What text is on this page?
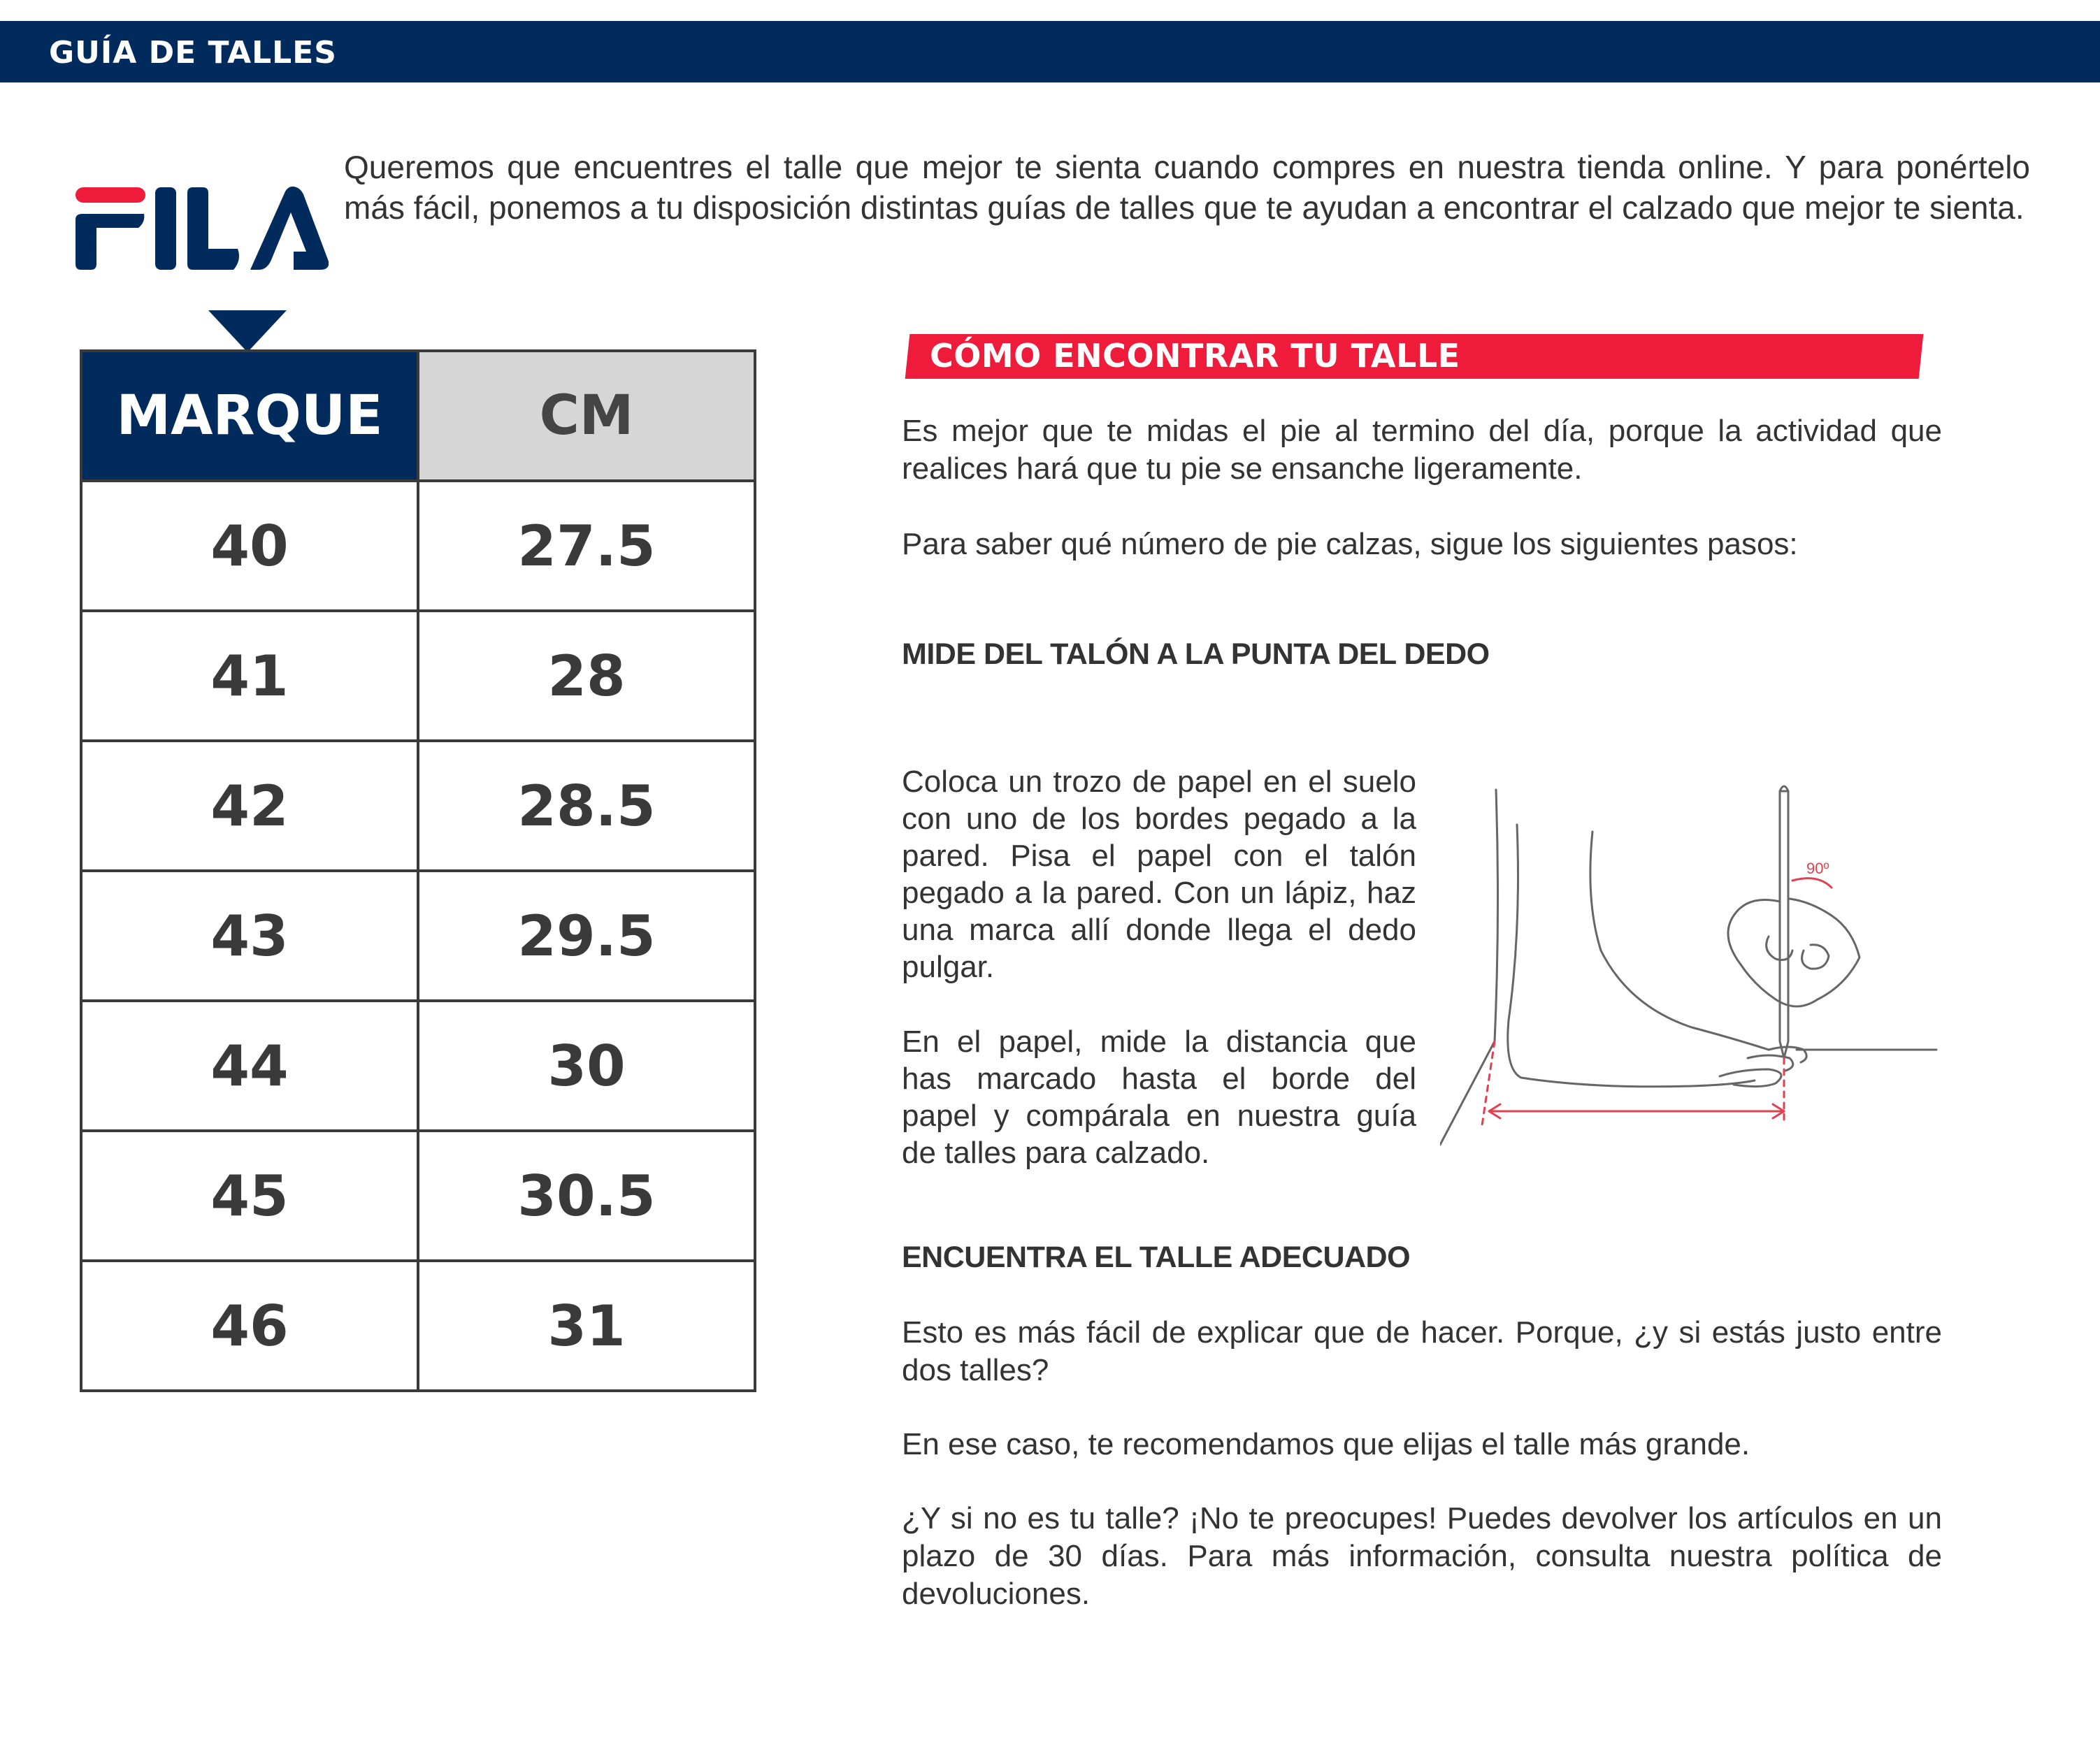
GUÍA DE TALLES
Queremos que encuentres el talle que mejor te sienta cuando compres en nuestra tienda online. Y para ponértelo más fácil, ponemos a tu disposición distintas guías de talles que te ayudan a encontrar el calzado que mejor te sienta.
MARQUE	CM
40	27.5
41	28
42	28.5
43	29.5
44	30
45	30.5
46	31
CÓMO ENCONTRAR TU TALLE
Es mejor que te midas el pie al termino del día, porque la actividad que realices hará que tu pie se ensanche ligeramente.
Para saber qué número de pie calzas, sigue los siguientes pasos:
MIDE DEL TALÓN A LA PUNTA DEL DEDO
Coloca un trozo de papel en el suelo con uno de los bordes pegado a la pared. Pisa el papel con el talón pegado a la pared. Con un lápiz, haz una marca allí donde llega el dedo pulgar.
En el papel, mide la distancia que has marcado hasta el borde del papel y compárala en nuestra guía de talles para calzado.
90º
ENCUENTRA EL TALLE ADECUADO
Esto es más fácil de explicar que de hacer. Porque, ¿y si estás justo entre dos talles?
En ese caso, te recomendamos que elijas el talle más grande.
¿Y si no es tu talle? ¡No te preocupes! Puedes devolver los artículos en un plazo de 30 días. Para más información, consulta nuestra política de devoluciones.
